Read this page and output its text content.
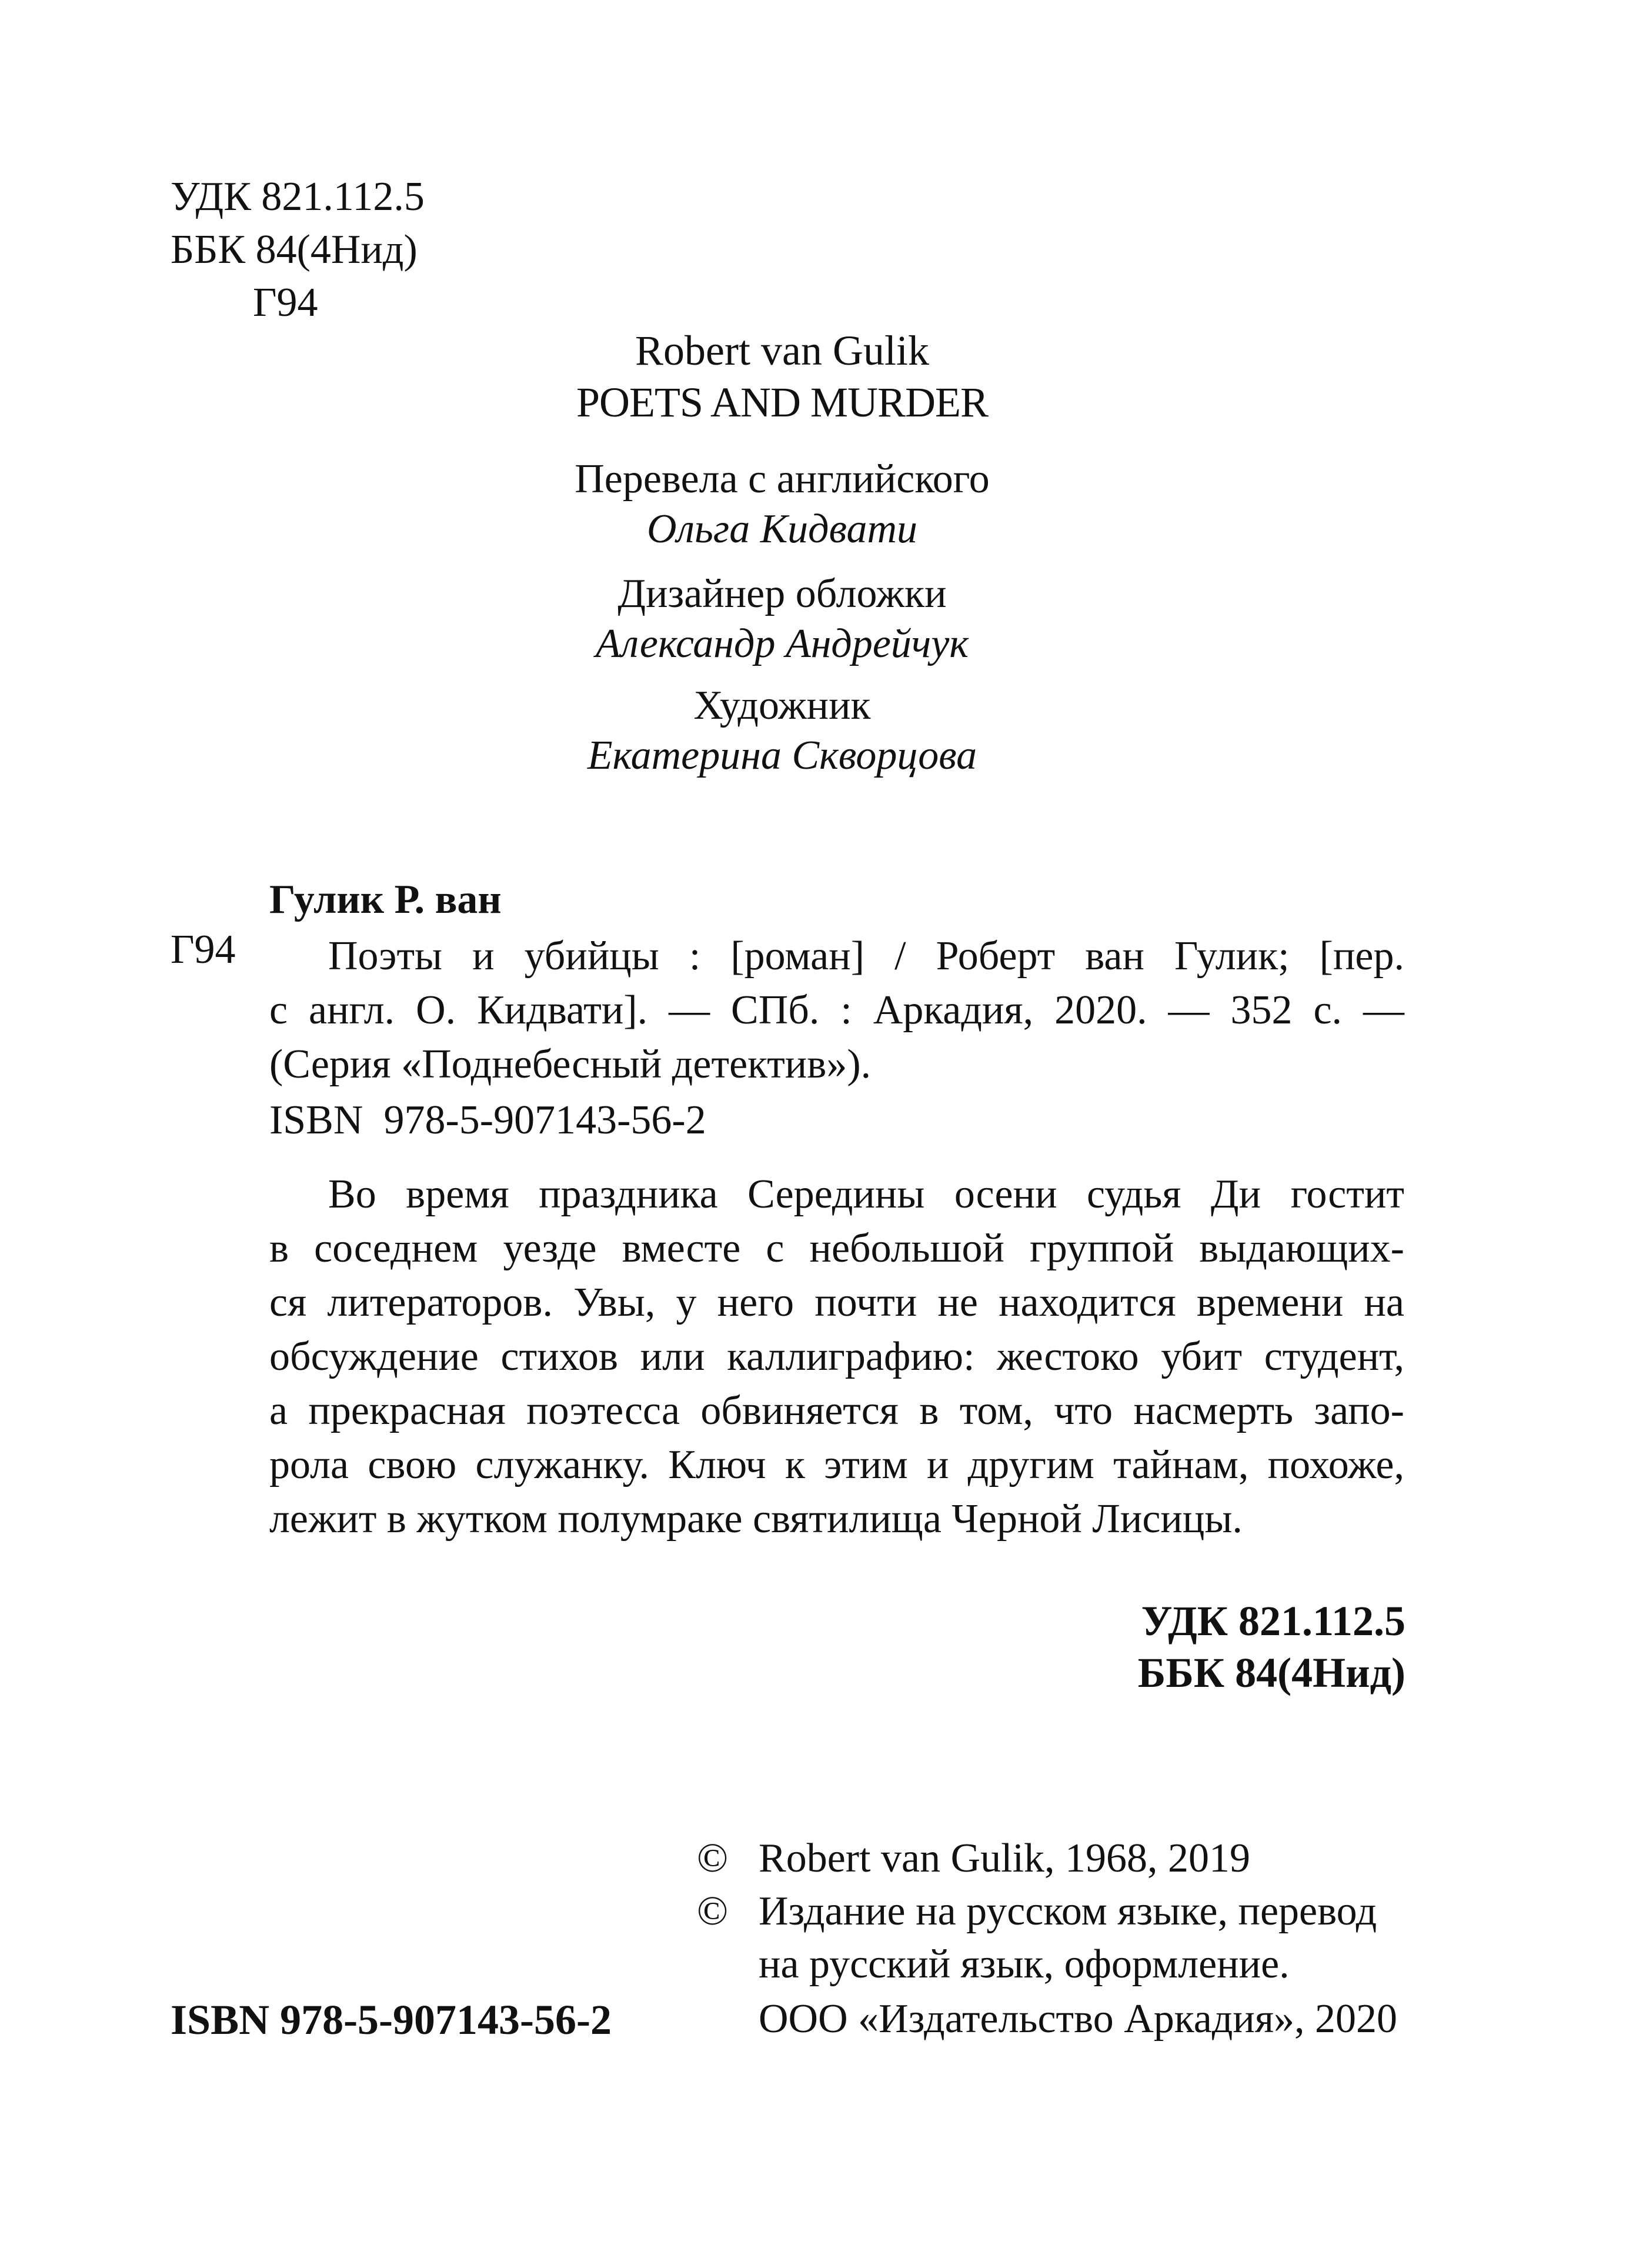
УДК 821.112.5
ББК 84(4Нид)
Г94
Robert van Gulik
POETS AND MURDER
Перевела с английского
Ольга Кидвати
Дизайнер обложки
Александр Андрейчук
Художник
Екатерина Скворцова
Гулик Р. ван
Г94	Поэты и убийцы : [роман] / Роберт ван Гулик; [пер.
с англ. О. Кидвати]. — СПб. : Аркадия, 2020. — 352 с. —
(Серия «Поднебесный детектив»).
ISBN  978-5-907143-56-2
Во время праздника Середины осени судья Ди гостит
в соседнем уезде вместе с небольшой группой выдающих-
ся литераторов. Увы, у него почти не находится времени на
обсуждение стихов или каллиграфию: жестоко убит студент,
а прекрасная поэтесса обвиняется в том, что насмерть запо-
рола свою служанку. Ключ к этим и другим тайнам, похоже,
лежит в жутком полумраке святилища Черной Лисицы.
УДК 821.112.5
ББК 84(4Нид)
© Robert van Gulik, 1968, 2019
© Издание на русском языке, перевод
на русский язык, оформление.
ООО «Издательство Аркадия», 2020
ISBN 978-5-907143-56-2
